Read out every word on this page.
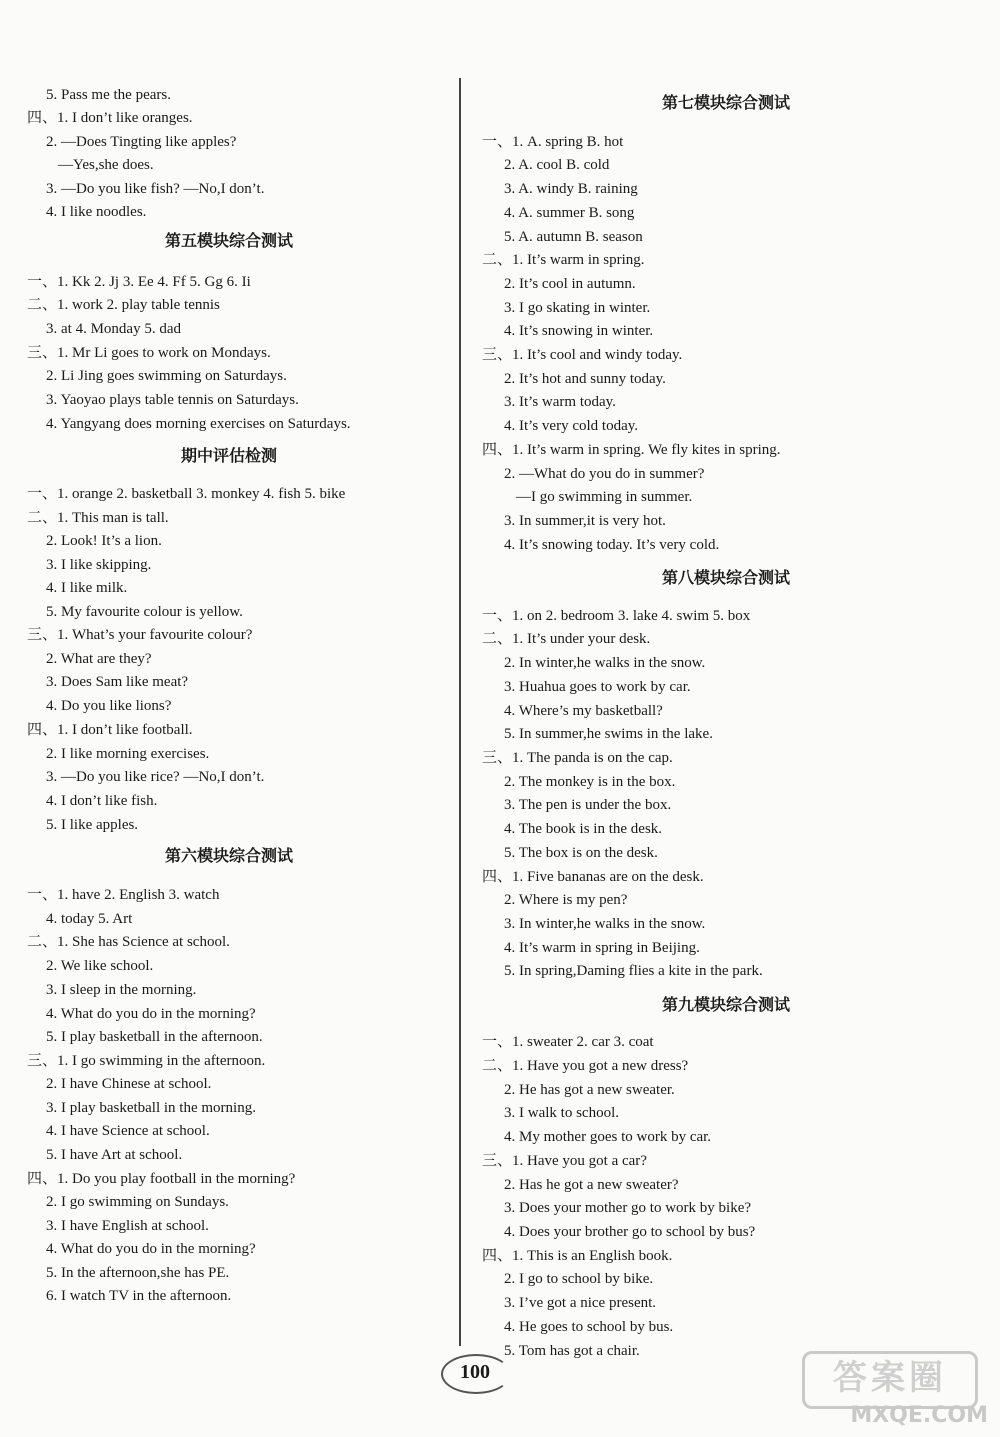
5. Pass me the pears.
四、1. I don’t like oranges.
2. —Does Tingting like apples?
—Yes,she does.
3. —Do you like fish? —No,I don’t.
4. I like noodles.
第五模块综合测试
一、1. Kk 2. Jj 3. Ee 4. Ff 5. Gg 6. Ii
二、1. work 2. play table tennis
3. at 4. Monday 5. dad
三、1. Mr Li goes to work on Mondays.
2. Li Jing goes swimming on Saturdays.
3. Yaoyao plays table tennis on Saturdays.
4. Yangyang does morning exercises on Saturdays.
期中评估检测
一、1. orange 2. basketball 3. monkey 4. fish 5. bike
二、1. This man is tall.
2. Look! It’s a lion.
3. I like skipping.
4. I like milk.
5. My favourite colour is yellow.
三、1. What’s your favourite colour?
2. What are they?
3. Does Sam like meat?
4. Do you like lions?
四、1. I don’t like football.
2. I like morning exercises.
3. —Do you like rice? —No,I don’t.
4. I don’t like fish.
5. I like apples.
第六模块综合测试
一、1. have 2. English 3. watch
4. today 5. Art
二、1. She has Science at school.
2. We like school.
3. I sleep in the morning.
4. What do you do in the morning?
5. I play basketball in the afternoon.
三、1. I go swimming in the afternoon.
2. I have Chinese at school.
3. I play basketball in the morning.
4. I have Science at school.
5. I have Art at school.
四、1. Do you play football in the morning?
2. I go swimming on Sundays.
3. I have English at school.
4. What do you do in the morning?
5. In the afternoon,she has PE.
6. I watch TV in the afternoon.
第七模块综合测试
一、1. A. spring B. hot
2. A. cool B. cold
3. A. windy B. raining
4. A. summer B. song
5. A. autumn B. season
二、1. It’s warm in spring.
2. It’s cool in autumn.
3. I go skating in winter.
4. It’s snowing in winter.
三、1. It’s cool and windy today.
2. It’s hot and sunny today.
3. It’s warm today.
4. It’s very cold today.
四、1. It’s warm in spring. We fly kites in spring.
2. —What do you do in summer?
—I go swimming in summer.
3. In summer,it is very hot.
4. It’s snowing today. It’s very cold.
第八模块综合测试
一、1. on 2. bedroom 3. lake 4. swim 5. box
二、1. It’s under your desk.
2. In winter,he walks in the snow.
3. Huahua goes to work by car.
4. Where’s my basketball?
5. In summer,he swims in the lake.
三、1. The panda is on the cap.
2. The monkey is in the box.
3. The pen is under the box.
4. The book is in the desk.
5. The box is on the desk.
四、1. Five bananas are on the desk.
2. Where is my pen?
3. In winter,he walks in the snow.
4. It’s warm in spring in Beijing.
5. In spring,Daming flies a kite in the park.
第九模块综合测试
一、1. sweater 2. car 3. coat
二、1. Have you got a new dress?
2. He has got a new sweater.
3. I walk to school.
4. My mother goes to work by car.
三、1. Have you got a car?
2. Has he got a new sweater?
3. Does your mother go to work by bike?
4. Does your brother go to school by bus?
四、1. This is an English book.
2. I go to school by bike.
3. I’ve got a nice present.
4. He goes to school by bus.
5. Tom has got a chair.
100	答案圈
MXQE.COM
